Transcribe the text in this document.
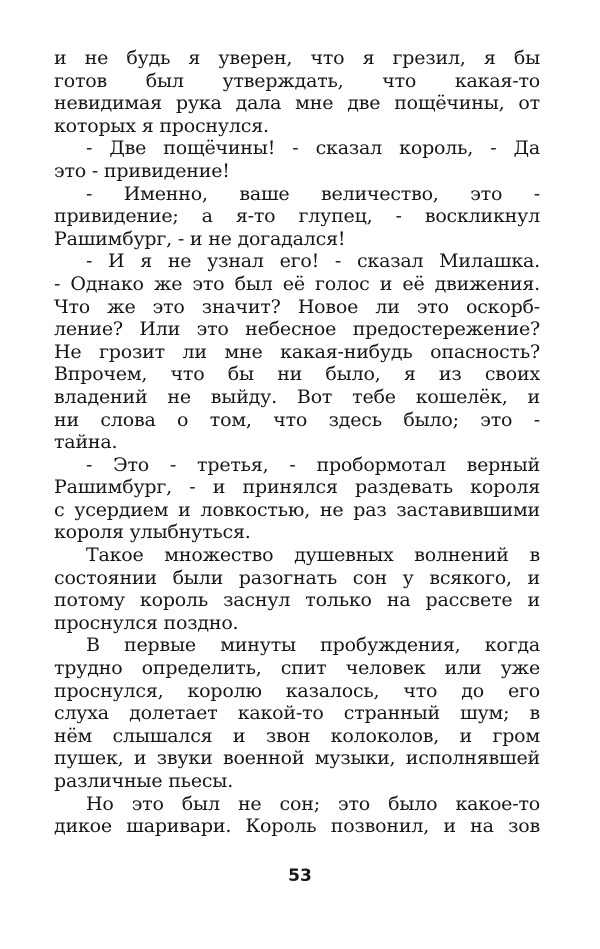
и не будь я уверен, что я грезил, я бы
готов был утверждать, что какая-то
невидимая рука дала мне две пощёчины, от
которых я проснулся.
- Две пощёчины! - сказал король, - Да
это - привидение!
- Именно, ваше величество, это -
привидение; а я-то глупец, - воскликнул
Рашимбург, - и не догадался!
- И я не узнал его! - сказал Милашка.
- Однако же это был её голос и её движения.
Что же это значит? Новое ли это оскорб-
ление? Или это небесное предостережение?
Не грозит ли мне какая-нибудь опасность?
Впрочем, что бы ни было, я из своих
владений не выйду. Вот тебе кошелёк, и
ни слова о том, что здесь было; это -
тайна.
- Это - третья, - пробормотал верный
Рашимбург, - и принялся раздевать короля
с усердием и ловкостью, не раз заставившими
короля улыбнуться.
Такое множество душевных волнений в
состоянии были разогнать сон у всякого, и
потому король заснул только на рассвете и
проснулся поздно.
В первые минуты пробуждения, когда
трудно определить, спит человек или уже
проснулся, королю казалось, что до его
слуха долетает какой-то странный шум; в
нём слышался и звон колоколов, и гром
пушек, и звуки военной музыки, исполнявшей
различные пьесы.
Но это был не сон; это было какое-то
дикое шаривари. Король позвонил, и на зов
53
